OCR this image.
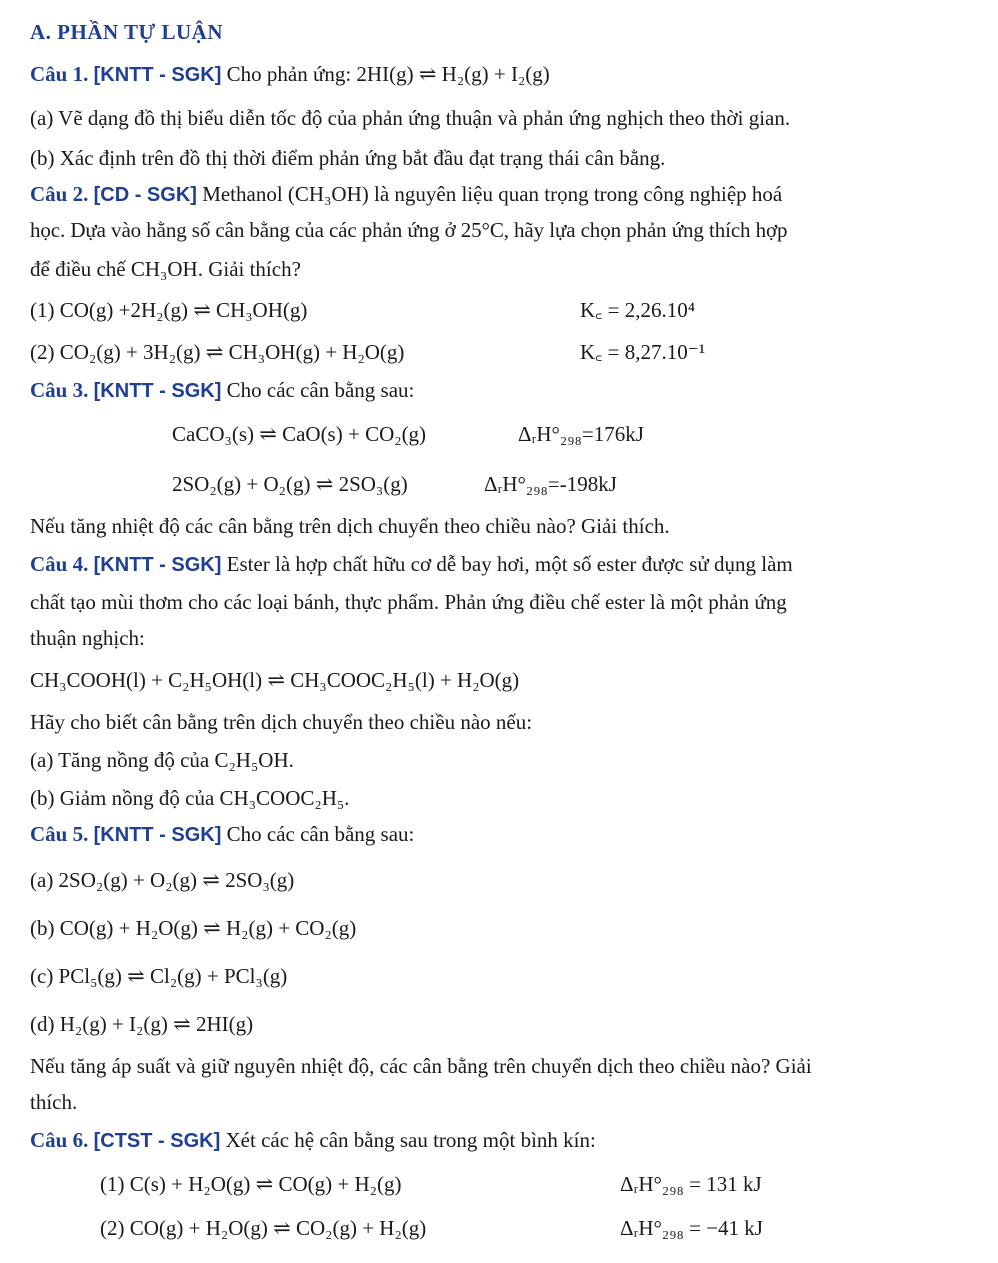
A. PHẦN TỰ LUẬN
Câu 1. [KNTT - SGK] Cho phản ứng: 2HI(g) ⇌ H₂(g) + I₂(g)
(a) Vẽ dạng đồ thị biểu diễn tốc độ của phản ứng thuận và phản ứng nghịch theo thời gian.
(b) Xác định trên đồ thị thời điểm phản ứng bắt đầu đạt trạng thái cân bằng.
Câu 2. [CD - SGK] Methanol (CH₃OH) là nguyên liệu quan trọng trong công nghiệp hoá
học. Dựa vào hằng số cân bằng của các phản ứng ở 25°C, hãy lựa chọn phản ứng thích hợp
để điều chế CH₃OH. Giải thích?
(1) CO(g) +2H₂(g) ⇌ CH₃OH(g)	K꜀ = 2,26.10⁴
(2) CO₂(g) + 3H₂(g) ⇌ CH₃OH(g) + H₂O(g)	K꜀ = 8,27.10⁻¹
Câu 3. [KNTT - SGK] Cho các cân bằng sau:
CaCO₃(s) ⇌ CaO(s) + CO₂(g)	ΔᵣH°₂₉₈=176kJ
2SO₂(g) + O₂(g) ⇌ 2SO₃(g)	ΔᵣH°₂₉₈=-198kJ
Nếu tăng nhiệt độ các cân bằng trên dịch chuyển theo chiều nào? Giải thích.
Câu 4. [KNTT - SGK] Ester là hợp chất hữu cơ dễ bay hơi, một số ester được sử dụng làm
chất tạo mùi thơm cho các loại bánh, thực phẩm. Phản ứng điều chế ester là một phản ứng
thuận nghịch:
CH₃COOH(l) + C₂H₅OH(l) ⇌ CH₃COOC₂H₅(l) + H₂O(g)
Hãy cho biết cân bằng trên dịch chuyển theo chiều nào nếu:
(a) Tăng nồng độ của C₂H₅OH.
(b) Giảm nồng độ của CH₃COOC₂H₅.
Câu 5. [KNTT - SGK] Cho các cân bằng sau:
(a) 2SO₂(g) + O₂(g) ⇌ 2SO₃(g)
(b) CO(g) + H₂O(g) ⇌ H₂(g) + CO₂(g)
(c) PCl₅(g) ⇌ Cl₂(g) + PCl₃(g)
(d) H₂(g) + I₂(g) ⇌ 2HI(g)
Nếu tăng áp suất và giữ nguyên nhiệt độ, các cân bằng trên chuyển dịch theo chiều nào? Giải
thích.
Câu 6. [CTST - SGK] Xét các hệ cân bằng sau trong một bình kín:
(1) C(s) + H₂O(g) ⇌ CO(g) + H₂(g)	ΔᵣH°₂₉₈ = 131 kJ
(2) CO(g) + H₂O(g) ⇌ CO₂(g) + H₂(g)	ΔᵣH°₂₉₈ = −41 kJ
